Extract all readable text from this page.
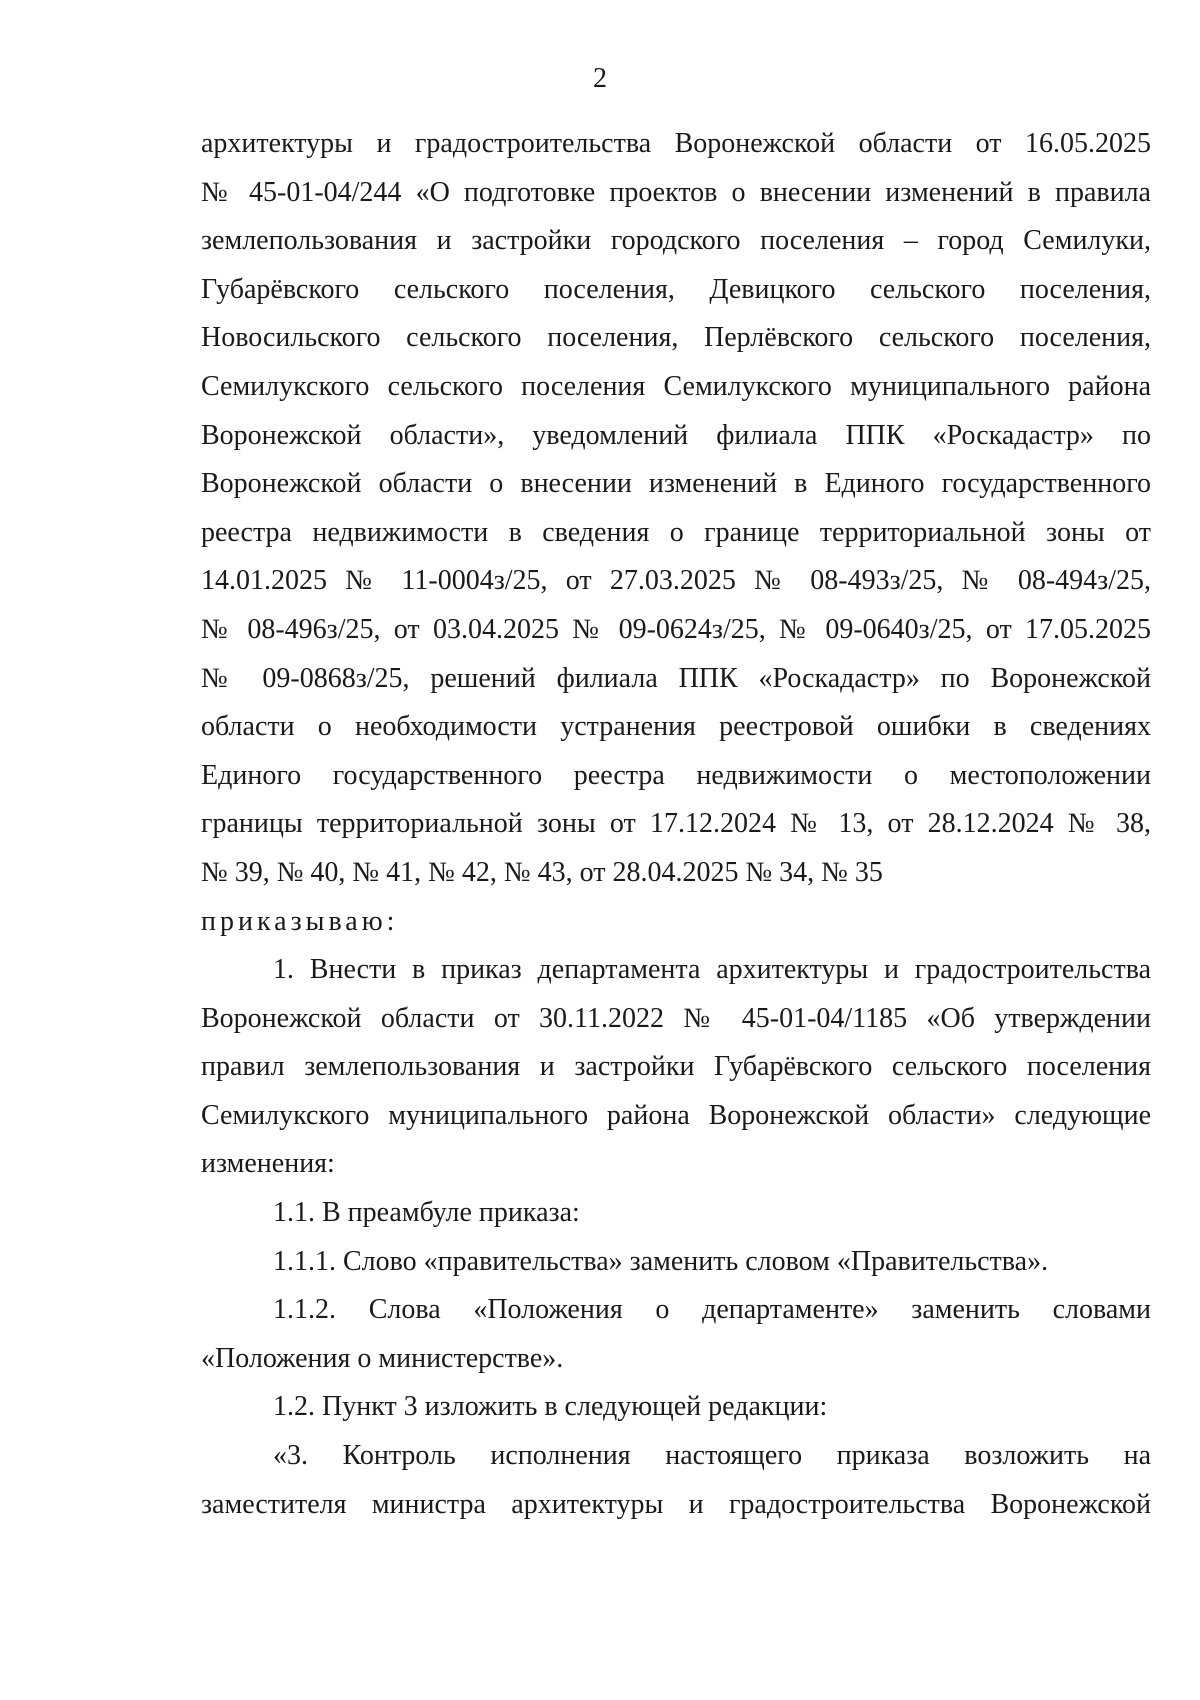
2
архитектуры и градостроительства Воронежской области от 16.05.2025
№ 45-01-04/244 «О подготовке проектов о внесении изменений в правила
землепользования и застройки городского поселения – город Семилуки,
Губарёвского сельского поселения, Девицкого сельского поселения,
Новосильского сельского поселения, Перлёвского сельского поселения,
Семилукского сельского поселения Семилукского муниципального района
Воронежской области», уведомлений филиала ППК «Роскадастр» по
Воронежской области о внесении изменений в Единого государственного
реестра недвижимости в сведения о границе территориальной зоны от
14.01.2025 № 11-0004з/25, от 27.03.2025 № 08-493з/25, № 08-494з/25,
№ 08-496з/25, от 03.04.2025 № 09-0624з/25, № 09-0640з/25, от 17.05.2025
№ 09-0868з/25, решений филиала ППК «Роскадастр» по Воронежской
области о необходимости устранения реестровой ошибки в сведениях
Единого государственного реестра недвижимости о местоположении
границы территориальной зоны от 17.12.2024 № 13, от 28.12.2024 № 38,
№ 39, № 40, № 41, № 42, № 43, от 28.04.2025 № 34, № 35
приказываю:
1. Внести в приказ департамента архитектуры и градостроительства
Воронежской области от 30.11.2022 № 45-01-04/1185 «Об утверждении
правил землепользования и застройки Губарёвского сельского поселения
Семилукского муниципального района Воронежской области» следующие
изменения:
1.1. В преамбуле приказа:
1.1.1. Слово «правительства» заменить словом «Правительства».
1.1.2. Слова «Положения о департаменте» заменить словами
«Положения о министерстве».
1.2. Пункт 3 изложить в следующей редакции:
«3. Контроль исполнения настоящего приказа возложить на
заместителя министра архитектуры и градостроительства Воронежской
